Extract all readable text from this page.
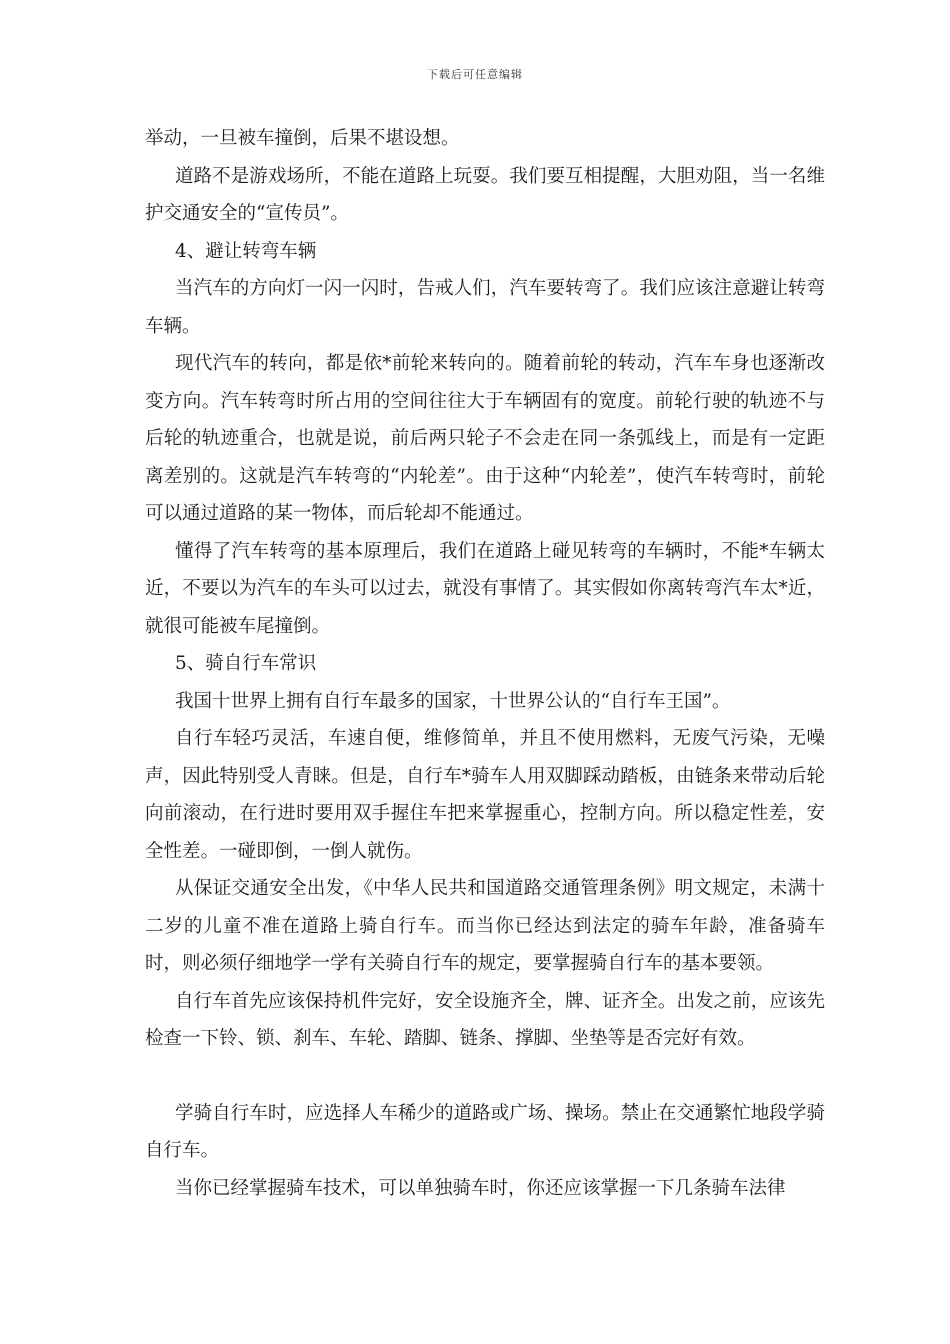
下载后可任意编辑

举动，一旦被车撞倒，后果不堪设想。

道路不是游戏场所，不能在道路上玩耍。我们要互相提醒，大胆劝阻，当一名维护交通安全的“宣传员”。

4、避让转弯车辆

当汽车的方向灯一闪一闪时，告戒人们，汽车要转弯了。我们应该注意避让转弯车辆。

现代汽车的转向，都是依*前轮来转向的。随着前轮的转动，汽车车身也逐渐改变方向。汽车转弯时所占用的空间往往大于车辆固有的宽度。前轮行驶的轨迹不与后轮的轨迹重合，也就是说，前后两只轮子不会走在同一条弧线上，而是有一定距离差别的。这就是汽车转弯的“内轮差”。由于这种“内轮差”，使汽车转弯时，前轮可以通过道路的某一物体，而后轮却不能通过。

懂得了汽车转弯的基本原理后，我们在道路上碰见转弯的车辆时，不能*车辆太近，不要以为汽车的车头可以过去，就没有事情了。其实假如你离转弯汽车太*近，就很可能被车尾撞倒。

5、骑自行车常识

我国十世界上拥有自行车最多的国家，十世界公认的“自行车王国”。

自行车轻巧灵活，车速自便，维修简单，并且不使用燃料，无废气污染，无噪声，因此特别受人青睐。但是，自行车*骑车人用双脚踩动踏板，由链条来带动后轮向前滚动，在行进时要用双手握住车把来掌握重心，控制方向。所以稳定性差，安全性差。一碰即倒，一倒人就伤。

从保证交通安全出发，《中华人民共和国道路交通管理条例》明文规定，未满十二岁的儿童不准在道路上骑自行车。而当你已经达到法定的骑车年龄，准备骑车时，则必须仔细地学一学有关骑自行车的规定，要掌握骑自行车的基本要领。

自行车首先应该保持机件完好，安全设施齐全，牌、证齐全。出发之前，应该先检查一下铃、锁、刹车、车轮、踏脚、链条、撑脚、坐垫等是否完好有效。

学骑自行车时，应选择人车稀少的道路或广场、操场。禁止在交通繁忙地段学骑自行车。

当你已经掌握骑车技术，可以单独骑车时，你还应该掌握一下几条骑车法律
